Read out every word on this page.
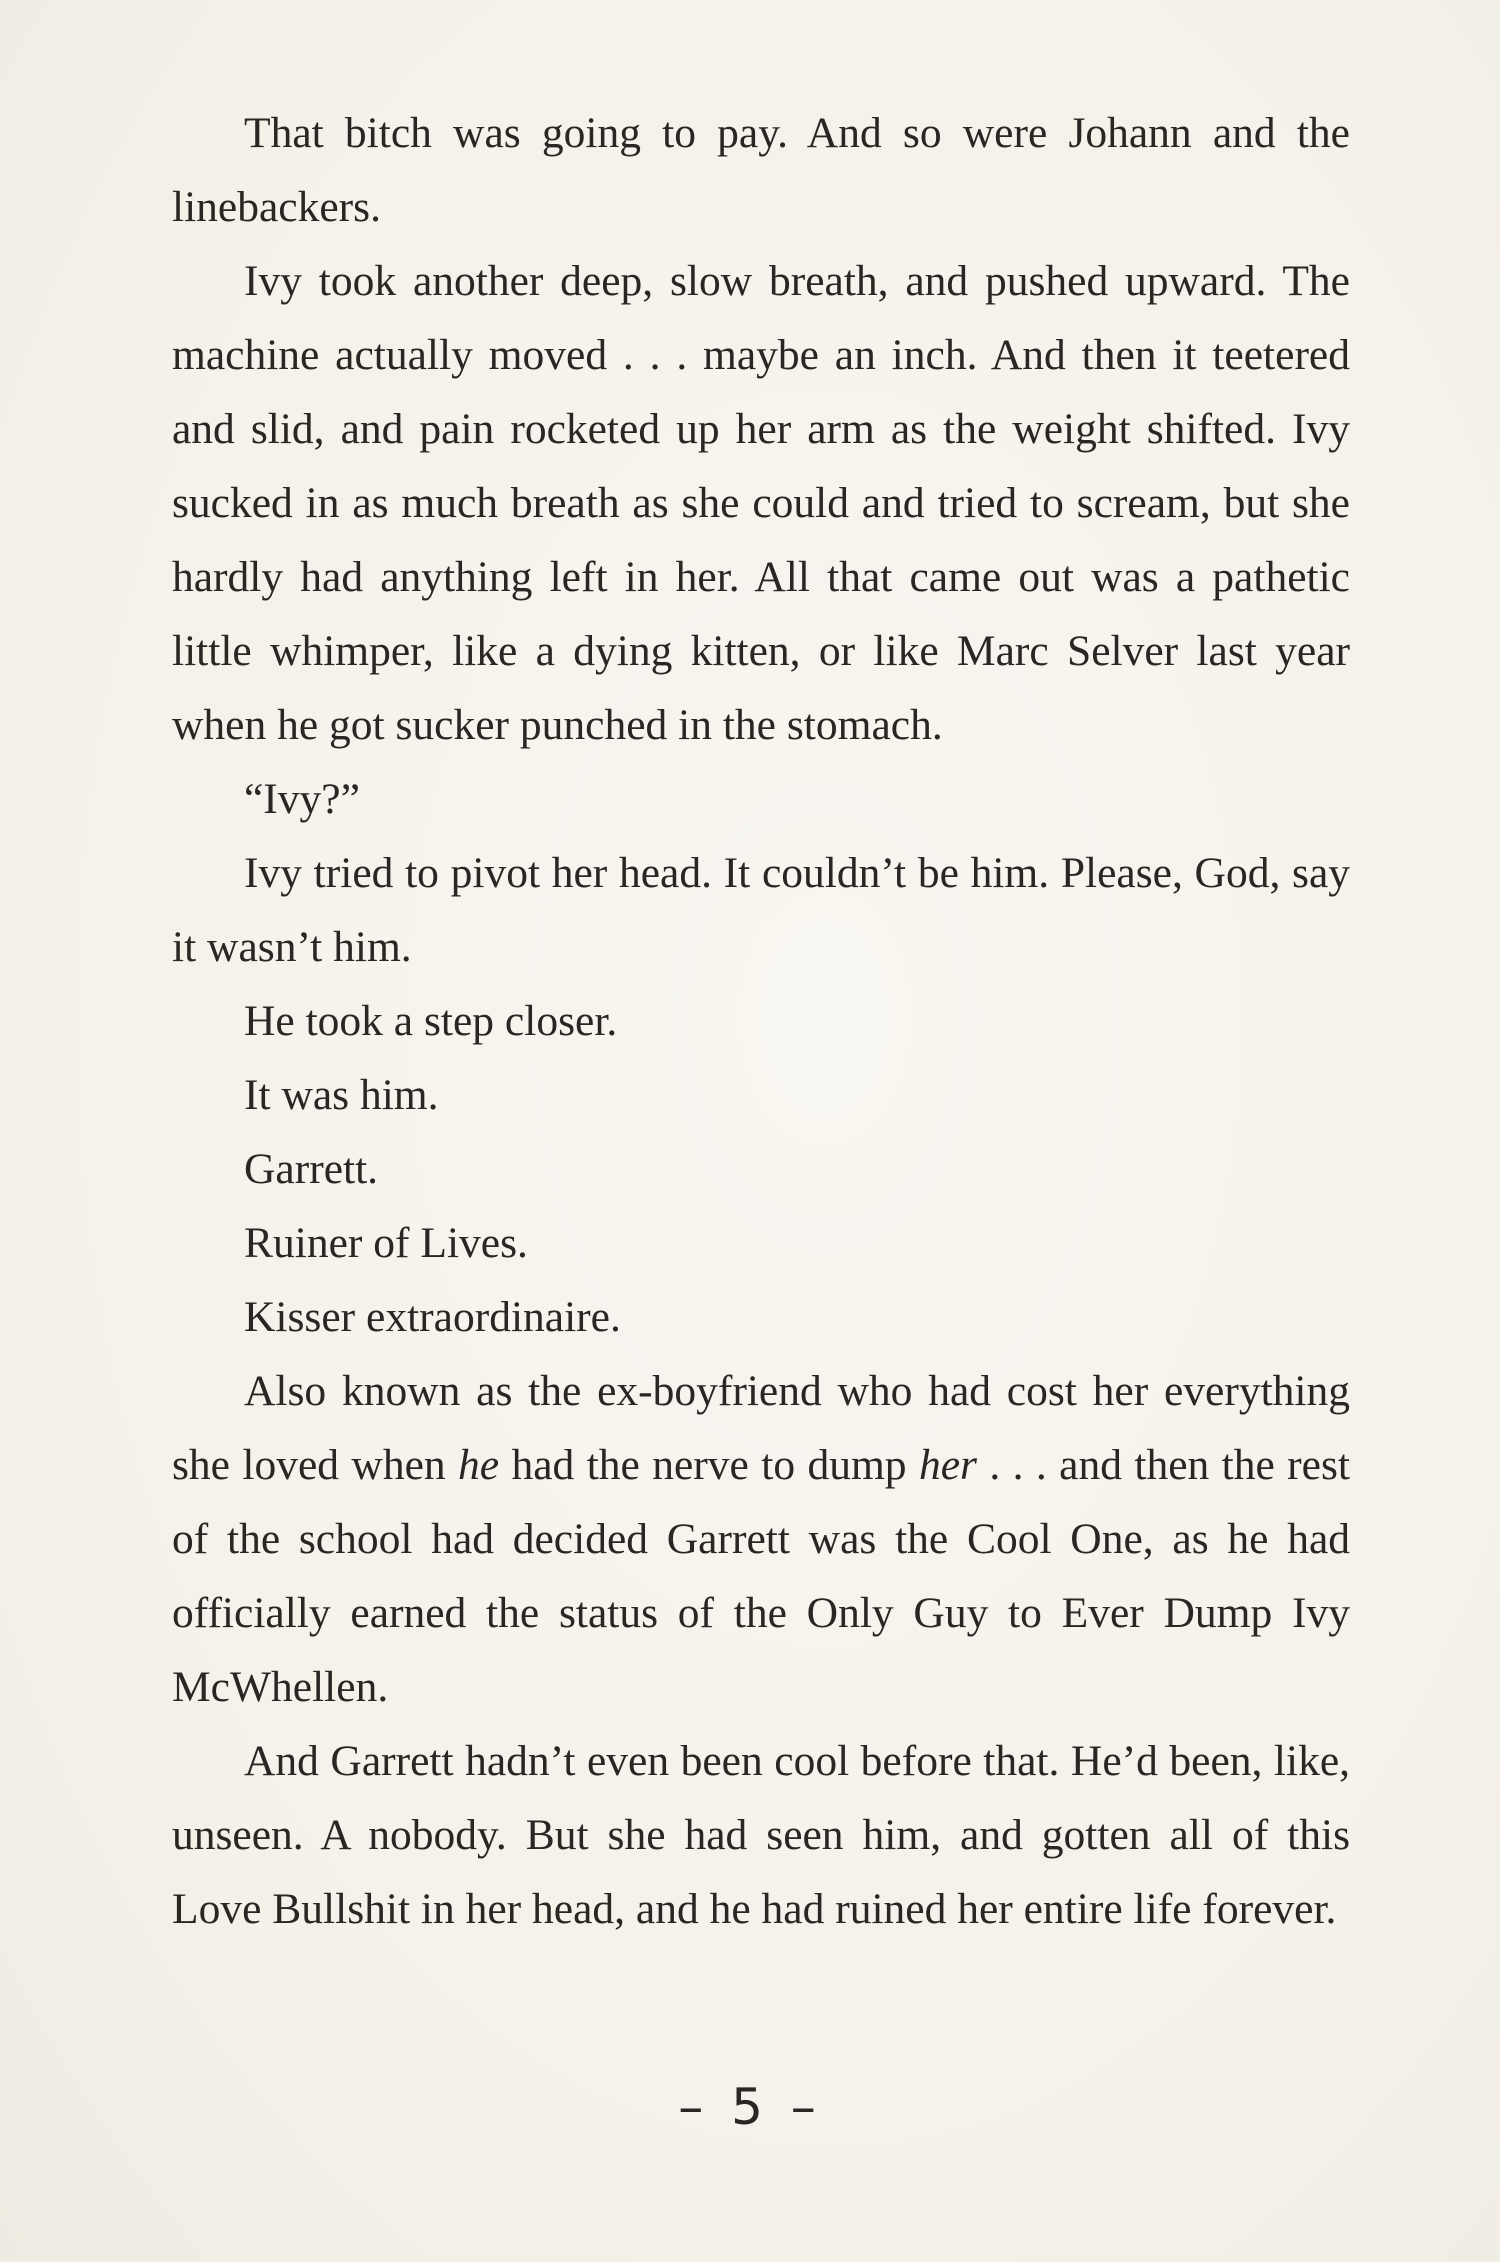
That bitch was going to pay. And so were Johann and the linebackers.

Ivy took another deep, slow breath, and pushed upward. The machine actually moved . . . maybe an inch. And then it teetered and slid, and pain rocketed up her arm as the weight shifted. Ivy sucked in as much breath as she could and tried to scream, but she hardly had anything left in her. All that came out was a pathetic little whimper, like a dying kitten, or like Marc Selver last year when he got sucker punched in the stomach.

“Ivy?”

Ivy tried to pivot her head. It couldn’t be him. Please, God, say it wasn’t him.

He took a step closer.

It was him.

Garrett.

Ruiner of Lives.

Kisser extraordinaire.

Also known as the ex-boyfriend who had cost her everything she loved when he had the nerve to dump her . . . and then the rest of the school had decided Garrett was the Cool One, as he had officially earned the status of the Only Guy to Ever Dump Ivy McWhellen.

And Garrett hadn’t even been cool before that. He’d been, like, unseen. A nobody. But she had seen him, and gotten all of this Love Bullshit in her head, and he had ruined her entire life forever.

– 5 –
